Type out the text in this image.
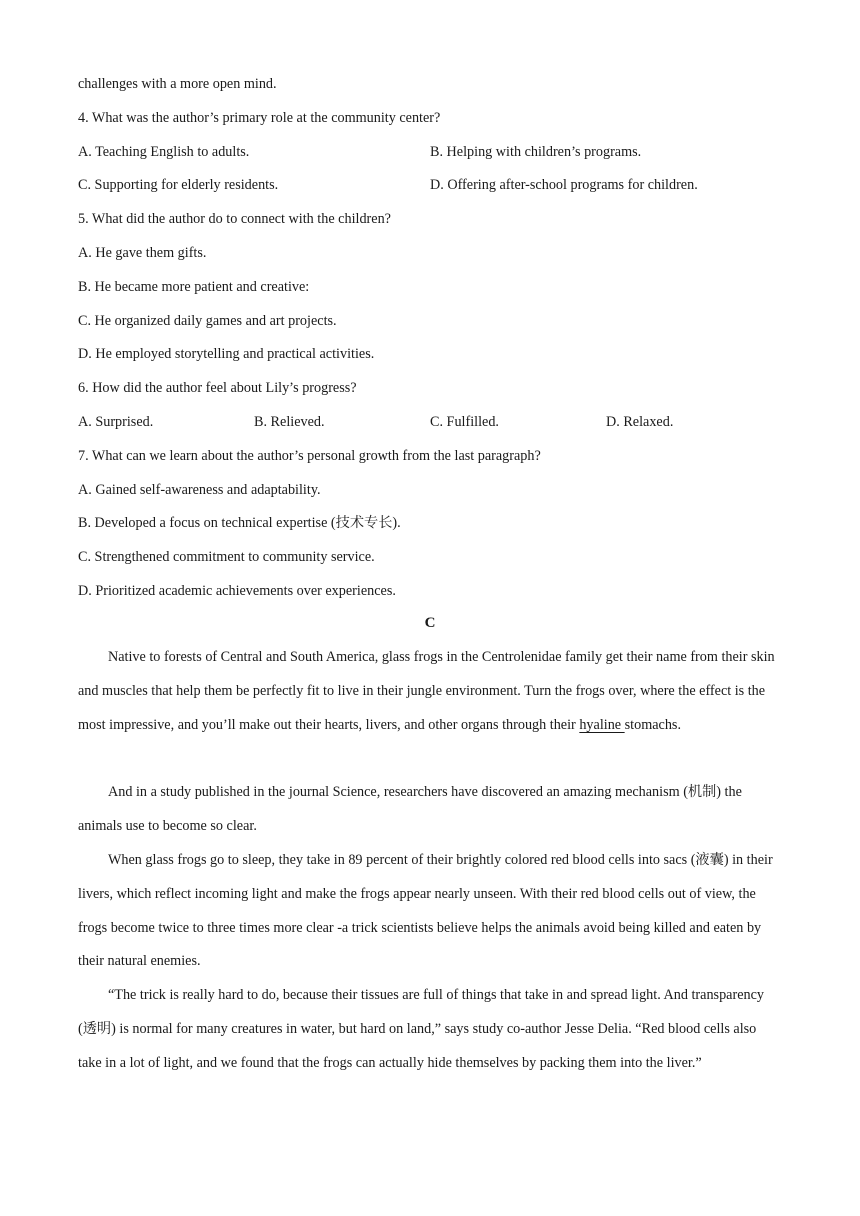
challenges with a more open mind.
4. What was the author’s primary role at the community center?
A. Teaching English to adults.	B. Helping with children’s programs.
C. Supporting for elderly residents.	D. Offering after-school programs for children.
5. What did the author do to connect with the children?
A. He gave them gifts.
B. He became more patient and creative:
C. He organized daily games and art projects.
D. He employed storytelling and practical activities.
6. How did the author feel about Lily’s progress?
A. Surprised.	B. Relieved.	C. Fulfilled.	D. Relaxed.
7. What can we learn about the author’s personal growth from the last paragraph?
A. Gained self-awareness and adaptability.
B. Developed a focus on technical expertise (技术专长).
C. Strengthened commitment to community service.
D. Prioritized academic achievements over experiences.
C
Native to forests of Central and South America, glass frogs in the Centrolenidae family get their name from their skin and muscles that help them be perfectly fit to live in their jungle environment. Turn the frogs over, where the effect is the most impressive, and you’ll make out their hearts, livers, and other organs through their hyaline stomachs.
And in a study published in the journal Science, researchers have discovered an amazing mechanism (机制) the animals use to become so clear.
When glass frogs go to sleep, they take in 89 percent of their brightly colored red blood cells into sacs (液囊) in their livers, which reflect incoming light and make the frogs appear nearly unseen. With their red blood cells out of view, the frogs become twice to three times more clear -a trick scientists believe helps the animals avoid being killed and eaten by their natural enemies.
“The trick is really hard to do, because their tissues are full of things that take in and spread light. And transparency (透明) is normal for many creatures in water, but hard on land,” says study co-author Jesse Delia. “Red blood cells also take in a lot of light, and we found that the frogs can actually hide themselves by packing them into the liver.”
